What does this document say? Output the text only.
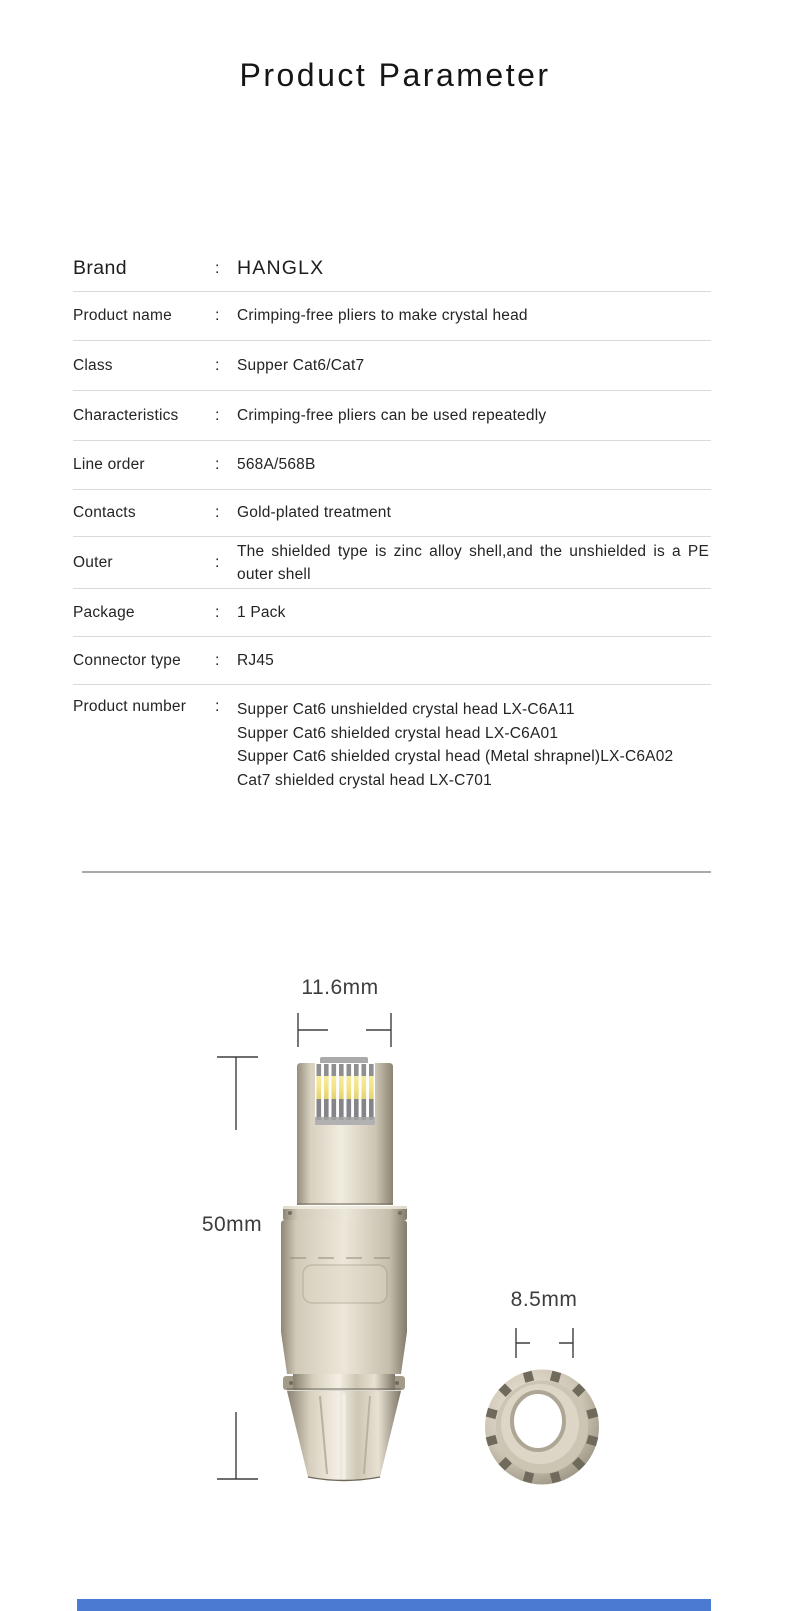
Product Parameter
Brand	: HANGLX
Product name	:	Crimping-free pliers to make crystal head
Class	:	Supper Cat6/Cat7
Characteristics	:	Crimping-free pliers can be used repeatedly
Line order	:	568A/568B
Contacts	:	Gold-plated treatment
Outer	:
The shielded type is zinc alloy shell,and the unshielded is a PE outer shell
Package	:	1 Pack
Connector type	:	RJ45
Product number	:	Supper Cat6 unshielded crystal head LX-C6A11
Supper Cat6 shielded crystal head LX-C6A01
Supper Cat6 shielded crystal head (Metal shrapnel)LX-C6A02
Cat7 shielded crystal head LX-C701
11.6mm
50mm
8.5mm
